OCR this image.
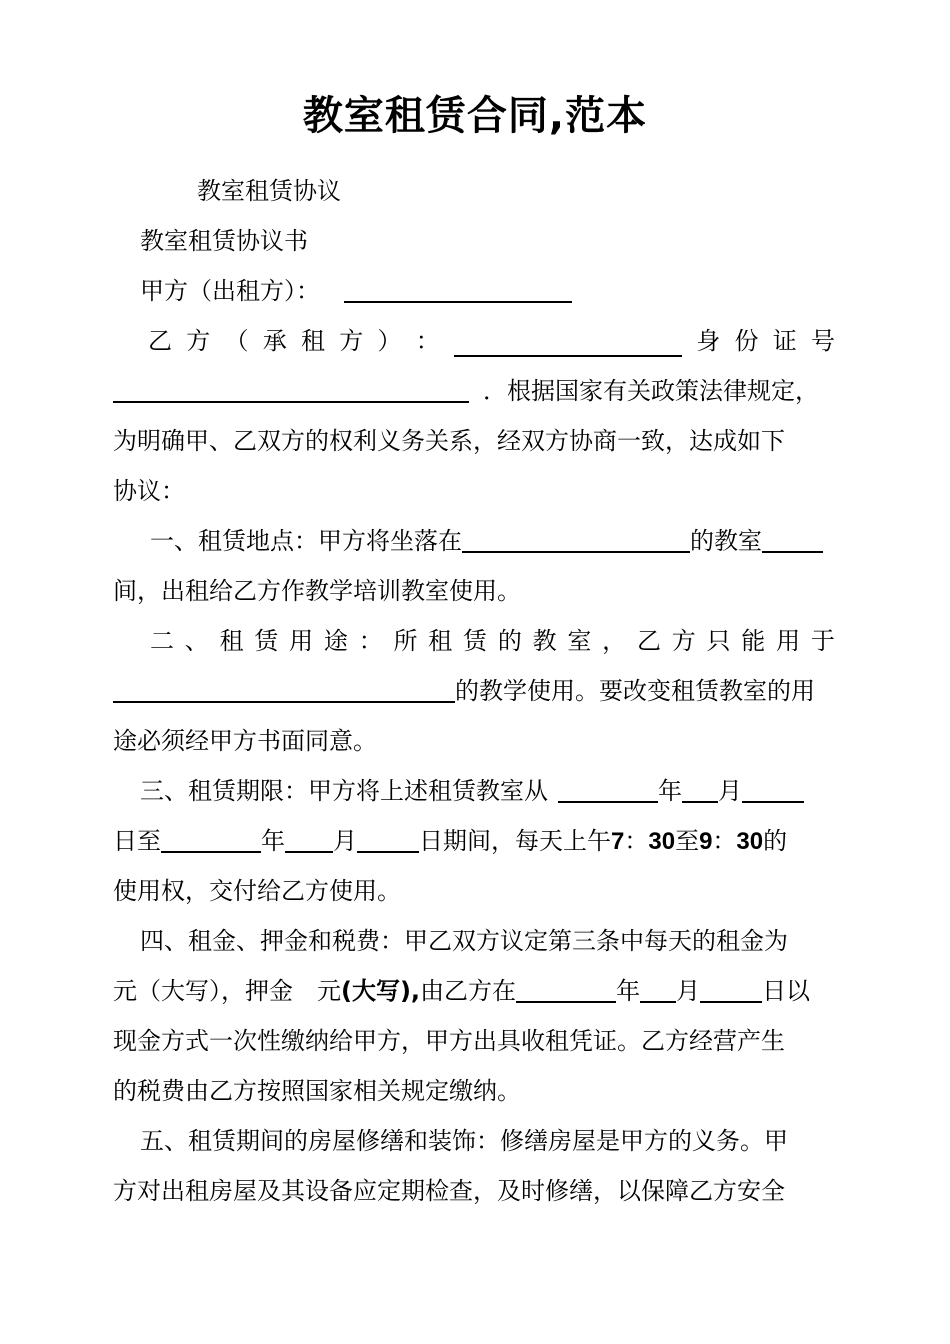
教室租赁合同,范本
教室租赁协议
教室租赁协议书
甲方（出租方）：
乙 方 （ 承 租 方 ） ：	身 份 证 号
．根据国家有关政策法律规定，
为明确甲、乙双方的权利义务关系，经双方协商一致，达成如下
协议：
一、租赁地点：甲方将坐落在	的教室
间，出租给乙方作教学培训教室使用。
二 、 租 赁 用 途 ： 所 租 赁 的 教 室 ， 乙 方 只 能 用 于
的教学使用。要改变租赁教室的用
途必须经甲方书面同意。
三、租赁期限：甲方将上述租赁教室从	年 月
日至	年 月	日期间，每天上午7：30至9：30的
使用权，交付给乙方使用。
四、租金、押金和税费：甲乙双方议定第三条中每天的租金为
元（大写），押金 元(大写),由乙方在	年 月	日以
现金方式一次性缴纳给甲方，甲方出具收租凭证。乙方经营产生
的税费由乙方按照国家相关规定缴纳。
五、租赁期间的房屋修缮和装饰：修缮房屋是甲方的义务。甲
方对出租房屋及其设备应定期检查，及时修缮，以保障乙方安全
